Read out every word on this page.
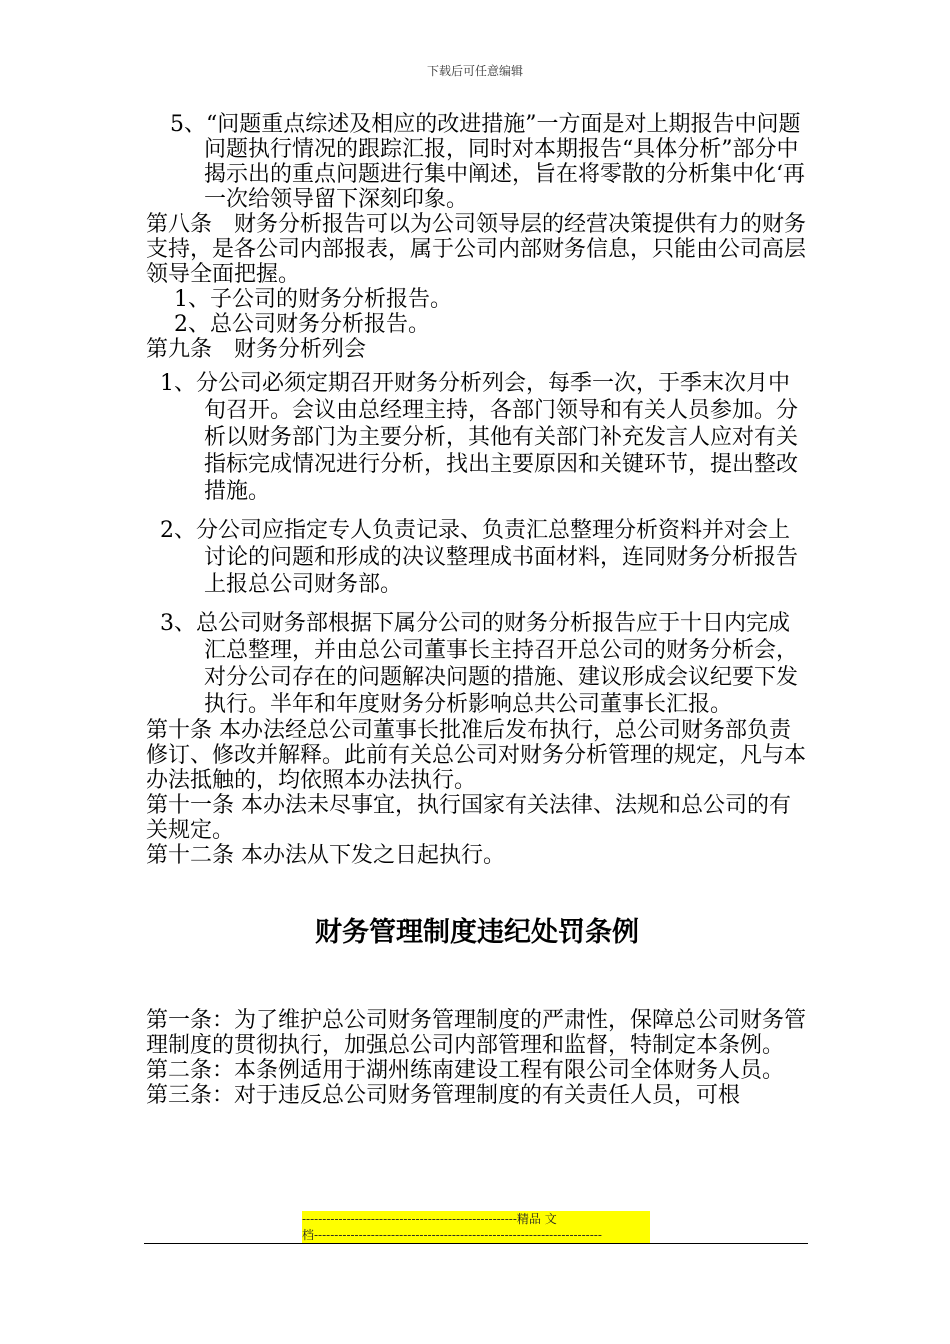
下载后可任意编辑

5、“问题重点综述及相应的改进措施”一方面是对上期报告中问题问题执行情况的跟踪汇报，同时对本期报告“具体分析”部分中揭示出的重点问题进行集中阐述，旨在将零散的分析集中化‘再一次给领导留下深刻印象。

第八条　财务分析报告可以为公司领导层的经营决策提供有力的财务支持，是各公司内部报表，属于公司内部财务信息，只能由公司高层领导全面把握。

1、子公司的财务分析报告。

2、总公司财务分析报告。

第九条　财务分析列会

1、分公司必须定期召开财务分析列会，每季一次，于季末次月中旬召开。会议由总经理主持，各部门领导和有关人员参加。分析以财务部门为主要分析，其他有关部门补充发言人应对有关指标完成情况进行分析，找出主要原因和关键环节，提出整改措施。

2、分公司应指定专人负责记录、负责汇总整理分析资料并对会上讨论的问题和形成的决议整理成书面材料，连同财务分析报告上报总公司财务部。

3、总公司财务部根据下属分公司的财务分析报告应于十日内完成汇总整理，并由总公司董事长主持召开总公司的财务分析会，对分公司存在的问题解决问题的措施、建议形成会议纪要下发执行。半年和年度财务分析影响总共公司董事长汇报。

第十条 本办法经总公司董事长批准后发布执行，总公司财务部负责修订、修改并解释。此前有关总公司对财务分析管理的规定，凡与本办法抵触的，均依照本办法执行。

第十一条 本办法未尽事宜，执行国家有关法律、法规和总公司的有关规定。

第十二条 本办法从下发之日起执行。

财务管理制度违纪处罚条例

第一条：为了维护总公司财务管理制度的严肃性，保障总公司财务管理制度的贯彻执行，加强总公司内部管理和监督，特制定本条例。

第二条：本条例适用于湖州练南建设工程有限公司全体财务人员。

第三条：对于违反总公司财务管理制度的有关责任人员，可根

-----------------------------------------------------精品 文
档-----------------------------------------------------------------------
